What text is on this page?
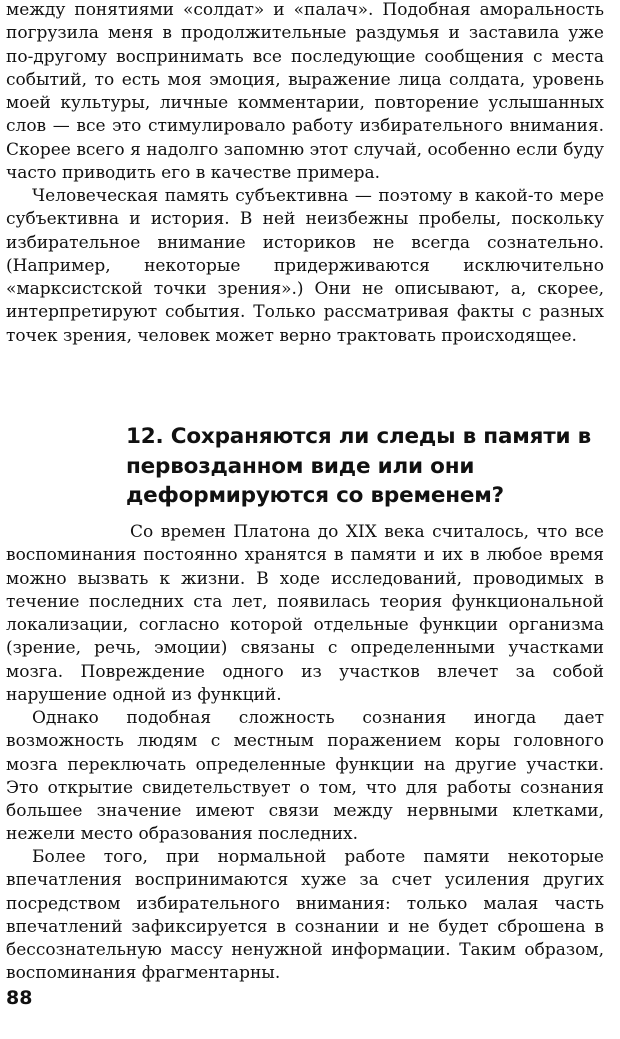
между понятиями «солдат» и «палач». Подобная аморальность погрузила меня в продолжительные раздумья и заставила уже по-другому воспринимать все последующие сообщения с места событий, то есть моя эмоция, выражение лица солдата, уровень моей культуры, личные комментарии, повторение услышанных слов — все это стимулировало работу избирательного внимания. Скорее всего я надолго запомню этот случай, особенно если буду часто приводить его в качестве примера.

Человеческая память субъективна — поэтому в какой-то мере субъективна и история. В ней неизбежны пробелы, поскольку избирательное внимание историков не всегда сознательно. (Например, некоторые придерживаются исключительно «марксистской точки зрения».) Они не описывают, а, скорее, интерпретируют события. Только рассматривая факты с разных точек зрения, человек может верно трактовать происходящее.

12. Сохраняются ли следы в памяти в первозданном виде или они деформируются со временем?

Со времен Платона до XIX века считалось, что все воспоминания постоянно хранятся в памяти и их в любое время можно вызвать к жизни. В ходе исследований, проводимых в течение последних ста лет, появилась теория функциональной локализации, согласно которой отдельные функции организма (зрение, речь, эмоции) связаны с определенными участками мозга. Повреждение одного из участков влечет за собой нарушение одной из функций.

Однако подобная сложность сознания иногда дает возможность людям с местным поражением коры головного мозга переключать определенные функции на другие участки. Это открытие свидетельствует о том, что для работы сознания большее значение имеют связи между нервными клетками, нежели место образования последних.

Более того, при нормальной работе памяти некоторые впечатления воспринимаются хуже за счет усиления других посредством избирательного внимания: только малая часть впечатлений зафиксируется в сознании и не будет сброшена в бессознательную массу ненужной информации. Таким образом, воспоминания фрагментарны.

88
